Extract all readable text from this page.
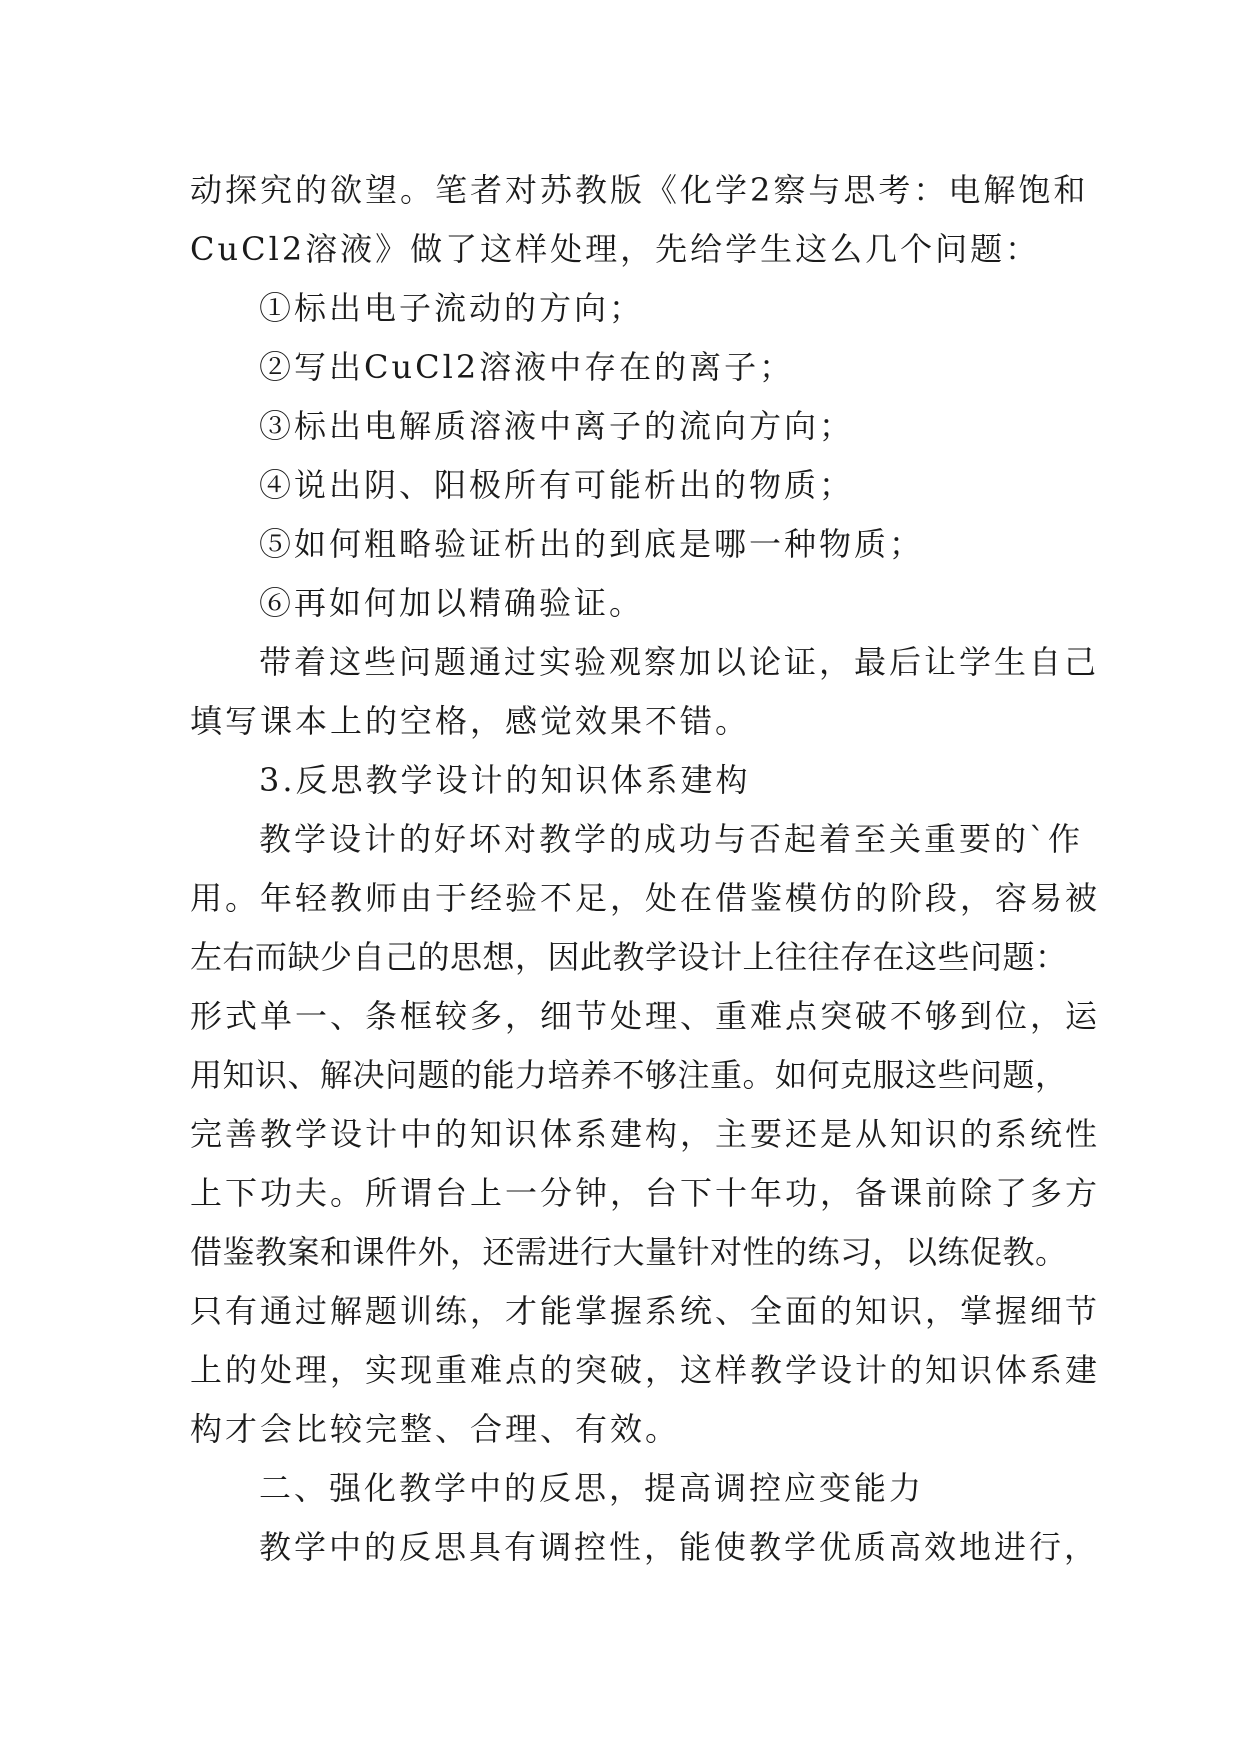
动探究的欲望。笔者对苏教版《化学2察与思考：电解饱和
CuCl2溶液》做了这样处理，先给学生这么几个问题：
①标出电子流动的方向；
②写出CuCl2溶液中存在的离子；
③标出电解质溶液中离子的流向方向；
④说出阴、阳极所有可能析出的物质；
⑤如何粗略验证析出的到底是哪一种物质；
⑥再如何加以精确验证。
带着这些问题通过实验观察加以论证，最后让学生自己
填写课本上的空格，感觉效果不错。
3.反思教学设计的知识体系建构
教学设计的好坏对教学的成功与否起着至关重要的`作
用。年轻教师由于经验不足，处在借鉴模仿的阶段，容易被
左右而缺少自己的思想，因此教学设计上往往存在这些问题：
形式单一、条框较多，细节处理、重难点突破不够到位，运
用知识、解决问题的能力培养不够注重。如何克服这些问题，
完善教学设计中的知识体系建构，主要还是从知识的系统性
上下功夫。所谓台上一分钟，台下十年功，备课前除了多方
借鉴教案和课件外，还需进行大量针对性的练习，以练促教。
只有通过解题训练，才能掌握系统、全面的知识，掌握细节
上的处理，实现重难点的突破，这样教学设计的知识体系建
构才会比较完整、合理、有效。
二、强化教学中的反思，提高调控应变能力
教学中的反思具有调控性，能使教学优质高效地进行，
